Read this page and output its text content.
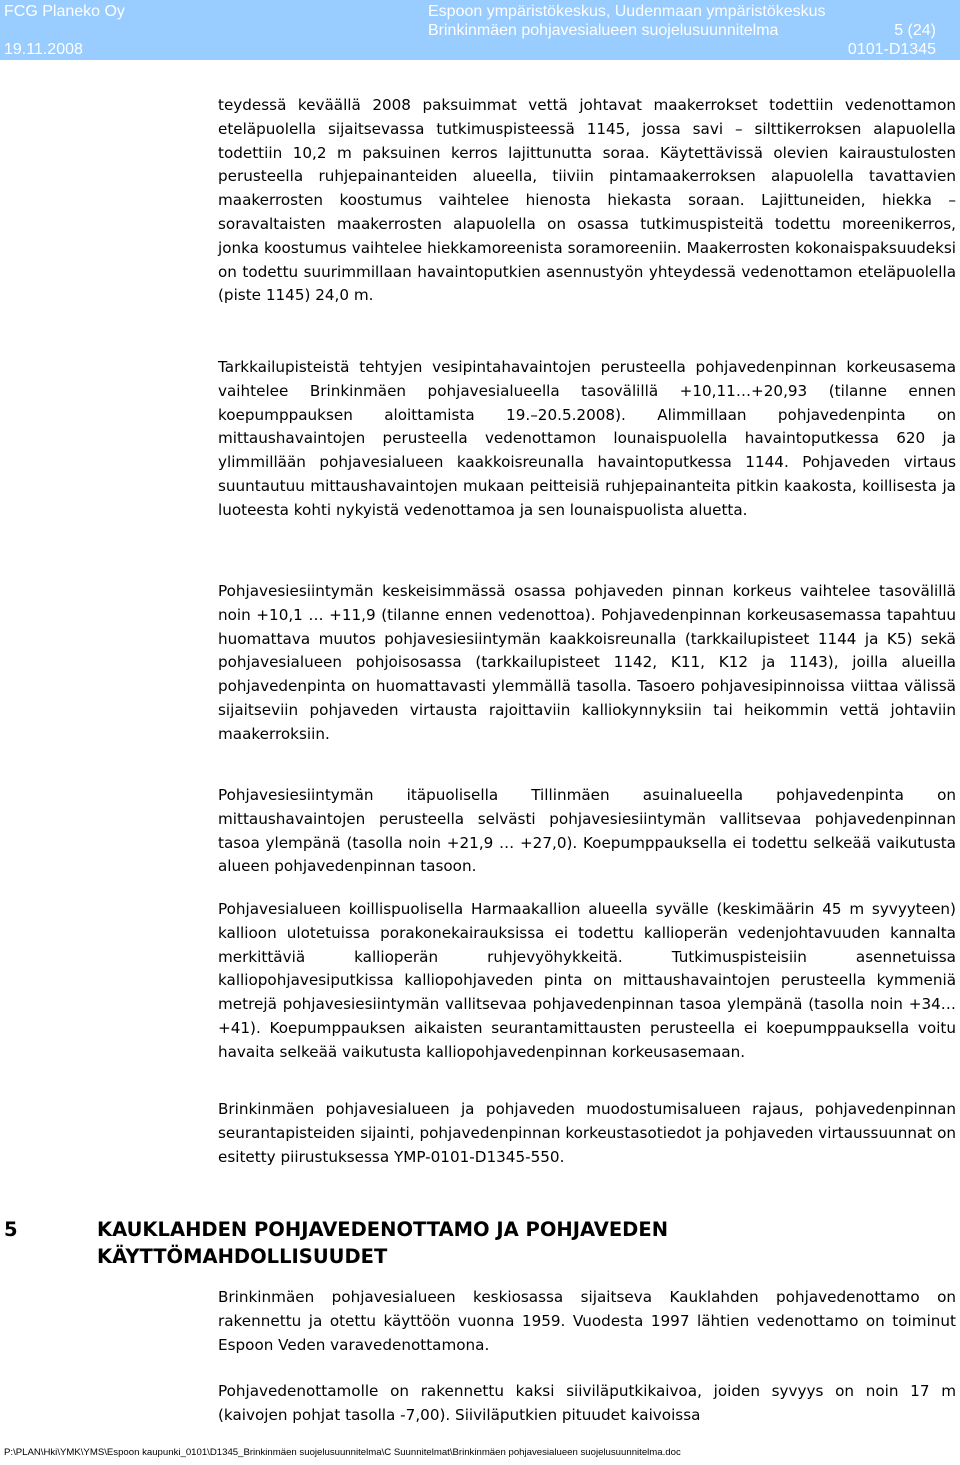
FCG Planeko Oy
19.11.2008
Espoon ympäristökeskus, Uudenmaan ympäristökeskus
Brinkinmäen pohjavesialueen suojelusuunnitelma	5 (24)
0101-D1345
teydessä keväällä 2008 paksuimmat vettä johtavat maakerrokset todettiin vedenottamon eteläpuolella sijaitsevassa tutkimuspisteessä 1145, jossa savi – silttikerroksen alapuolella todettiin 10,2 m paksuinen kerros lajittunutta soraa. Käytettävissä olevien kairaustulosten perusteella ruhjepainanteiden alueella, tiiviin pintamaakerroksen alapuolella tavattavien maakerrosten koostumus vaihtelee hienosta hiekasta soraan. Lajittuneiden, hiekka – soravaltaisten maakerrosten alapuolella on osassa tutkimuspisteitä todettu moreenikerros, jonka koostumus vaihtelee hiekkamoreenista soramoreeniin. Maakerrosten kokonaispaksuudeksi on todettu suurimmillaan havaintoputkien asennustyön yhteydessä vedenottamon eteläpuolella (piste 1145) 24,0 m.
Tarkkailupisteistä tehtyjen vesipintahavaintojen perusteella pohjavedenpinnan korkeusasema vaihtelee Brinkinmäen pohjavesialueella tasovälillä +10,11…+20,93 (tilanne ennen koepumppauksen aloittamista 19.–20.5.2008). Alimmillaan pohjavedenpinta on mittaushavaintojen perusteella vedenottamon lounaispuolella havaintoputkessa 620 ja ylimmillään pohjavesialueen kaakkoisreunalla havaintoputkessa 1144. Pohjaveden virtaus suuntautuu mittaushavaintojen mukaan peitteisiä ruhjepainanteita pitkin kaakosta, koillisesta ja luoteesta kohti nykyistä vedenottamoa ja sen lounaispuolista aluetta.
Pohjavesiesiintymän keskeisimmässä osassa pohjaveden pinnan korkeus vaihtelee tasovälillä noin +10,1 … +11,9 (tilanne ennen vedenottoa). Pohjavedenpinnan korkeusasemassa tapahtuu huomattava muutos pohjavesiesiintymän kaakkoisreunalla (tarkkailupisteet 1144 ja K5) sekä pohjavesialueen pohjoisosassa (tarkkailupisteet 1142, K11, K12 ja 1143), joilla alueilla pohjavedenpinta on huomattavasti ylemmällä tasolla. Tasoero pohjavesipinnoissa viittaa välissä sijaitseviin pohjaveden virtausta rajoittaviin kalliokynnyksiin tai heikommin vettä johtaviin maakerroksiin.
Pohjavesiesiintymän itäpuolisella Tillinmäen asuinalueella pohjavedenpinta on mittaushavaintojen perusteella selvästi pohjavesiesiintymän vallitsevaa pohjavedenpinnan tasoa ylempänä (tasolla noin +21,9 … +27,0). Koepumppauksella ei todettu selkeää vaikutusta alueen pohjavedenpinnan tasoon.
Pohjavesialueen koillispuolisella Harmaakallion alueella syvälle (keskimäärin 45 m syvyyteen) kallioon ulotetuissa porakonekairauksissa ei todettu kallioperän vedenjohtavuuden kannalta merkittäviä kallioperän ruhjevyöhykkeitä. Tutkimuspisteisiin asennetuissa kalliopohjavesiputkissa kalliopohjaveden pinta on mittaushavaintojen perusteella kymmeniä metrejä pohjavesiesiintymän vallitsevaa pohjavedenpinnan tasoa ylempänä (tasolla noin +34…+41). Koepumppauksen aikaisten seurantamittausten perusteella ei koepumppauksella voitu havaita selkeää vaikutusta kalliopohjavedenpinnan korkeusasemaan.
Brinkinmäen pohjavesialueen ja pohjaveden muodostumisalueen rajaus, pohjavedenpinnan seurantapisteiden sijainti, pohjavedenpinnan korkeustasotiedot ja pohjaveden virtaussuunnat on esitetty piirustuksessa YMP-0101-D1345-550.
5	KAUKLAHDEN POHJAVEDENOTTAMO JA POHJAVEDEN KÄYTTÖMAHDOLLISUUDET
Brinkinmäen pohjavesialueen keskiosassa sijaitseva Kauklahden pohjavedenottamo on rakennettu ja otettu käyttöön vuonna 1959. Vuodesta 1997 lähtien vedenottamo on toiminut Espoon Veden varavedenottamona.
Pohjavedenottamolle on rakennettu kaksi siiviläputkikaivoa, joiden syvyys on noin 17 m (kaivojen pohjat tasolla -7,00). Siiviläputkien pituudet kaivoissa
P:\PLAN\Hki\YMK\YMS\Espoon kaupunki_0101\D1345_Brinkinmäen suojelusuunnitelma\C Suunnitelmat\Brinkinmäen pohjavesialueen suojelusuunnitelma.doc
